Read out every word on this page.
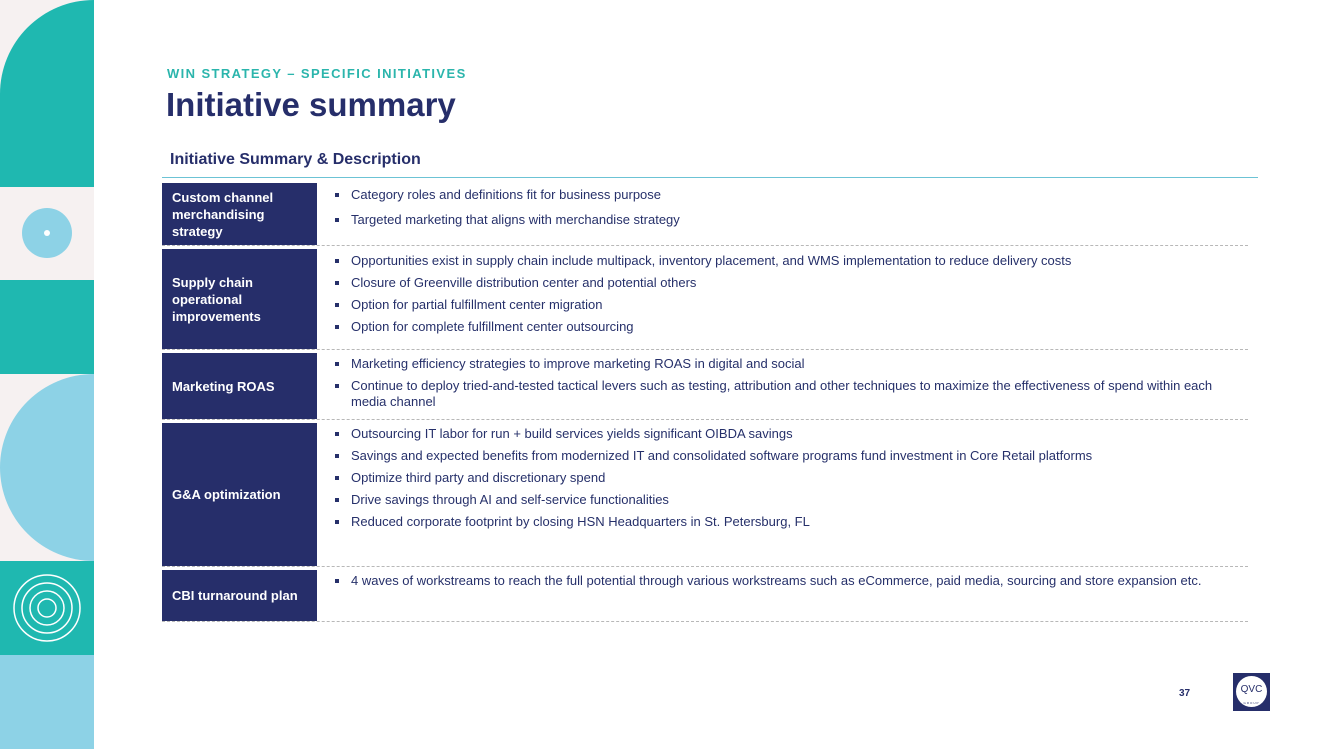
WIN STRATEGY – SPECIFIC INITIATIVES
Initiative summary
Initiative Summary & Description
Custom channel merchandising strategy
Category roles and definitions fit for business purpose
Targeted marketing that aligns with merchandise strategy
Supply chain operational improvements
Opportunities exist in supply chain include multipack, inventory placement, and WMS implementation to reduce delivery costs
Closure of Greenville distribution center and potential others
Option for partial fulfillment center migration
Option for complete fulfillment center outsourcing
Marketing ROAS
Marketing efficiency strategies to improve marketing ROAS in digital and social
Continue to deploy tried-and-tested tactical levers such as testing, attribution and other techniques to maximize the effectiveness of spend within each media channel
G&A optimization
Outsourcing IT labor for run + build services yields significant OIBDA savings
Savings and expected benefits from modernized IT and consolidated software programs fund investment in Core Retail platforms
Optimize third party and discretionary spend
Drive savings through AI and self-service functionalities
Reduced corporate footprint by closing HSN Headquarters in St. Petersburg, FL
CBI turnaround plan
4 waves of workstreams to reach the full potential through various workstreams such as eCommerce, paid media, sourcing and store expansion etc.
37	QVC
GROUP
